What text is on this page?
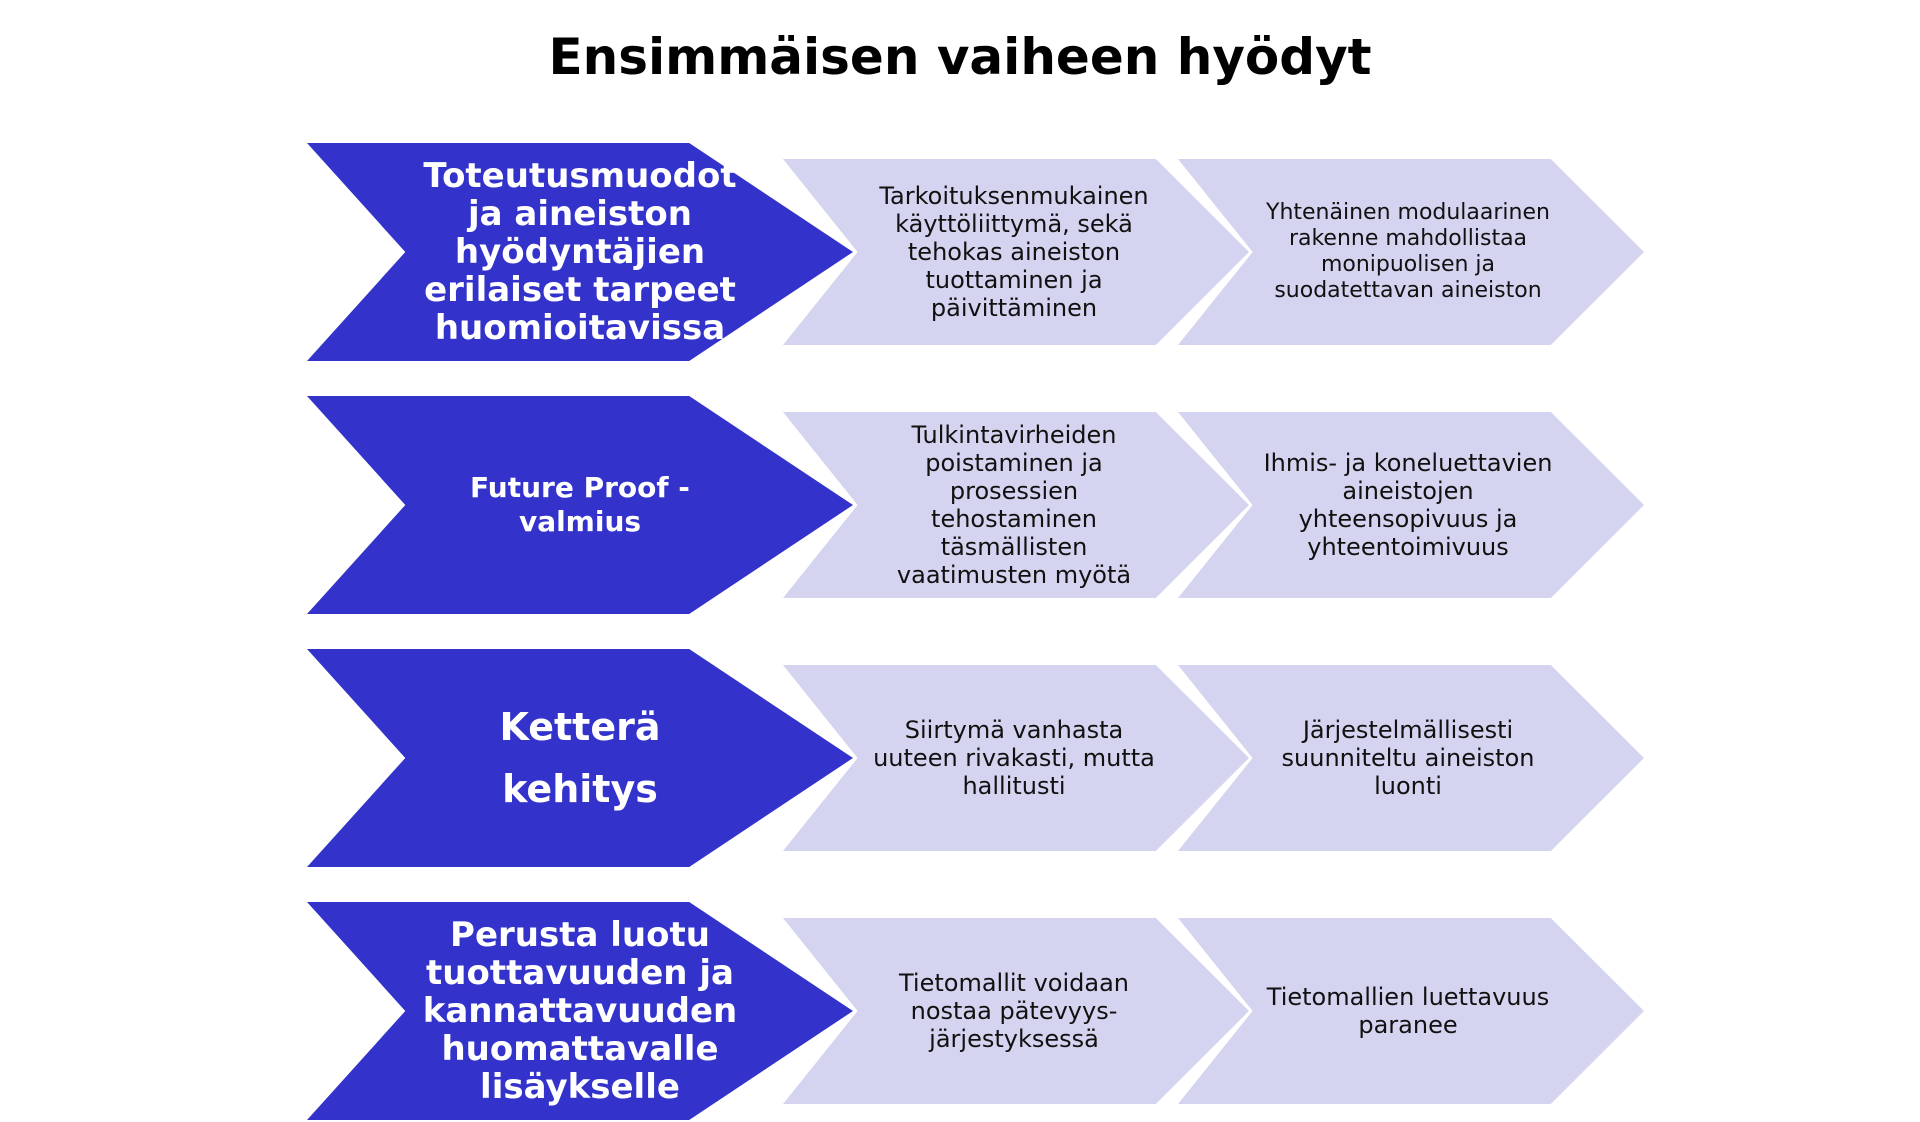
Ensimmäisen vaiheen hyödyt
Toteutusmuodot ja aineiston hyödyntäjien erilaiset tarpeet huomioitavissa
Tarkoituksenmukainen käyttöliittymä, sekä tehokas aineiston tuottaminen ja päivittäminen
Yhtenäinen modulaarinen rakenne mahdollistaa monipuolisen ja suodatettavan aineiston
Future Proof -valmius
Tulkintavirheiden poistaminen ja prosessien tehostaminen täsmällisten vaatimusten myötä
Ihmis- ja koneluettavien aineistojen yhteensopivuus ja yhteentoimivuus
Ketterä kehitys
Siirtymä vanhasta uuteen rivakasti, mutta hallitusti
Järjestelmällisesti suunniteltu aineiston luonti
Perusta luotu tuottavuuden ja kannattavuuden huomattavalle lisäykselle
Tietomallit voidaan nostaa pätevyys-järjestyksessä
Tietomallien luettavuus paranee
